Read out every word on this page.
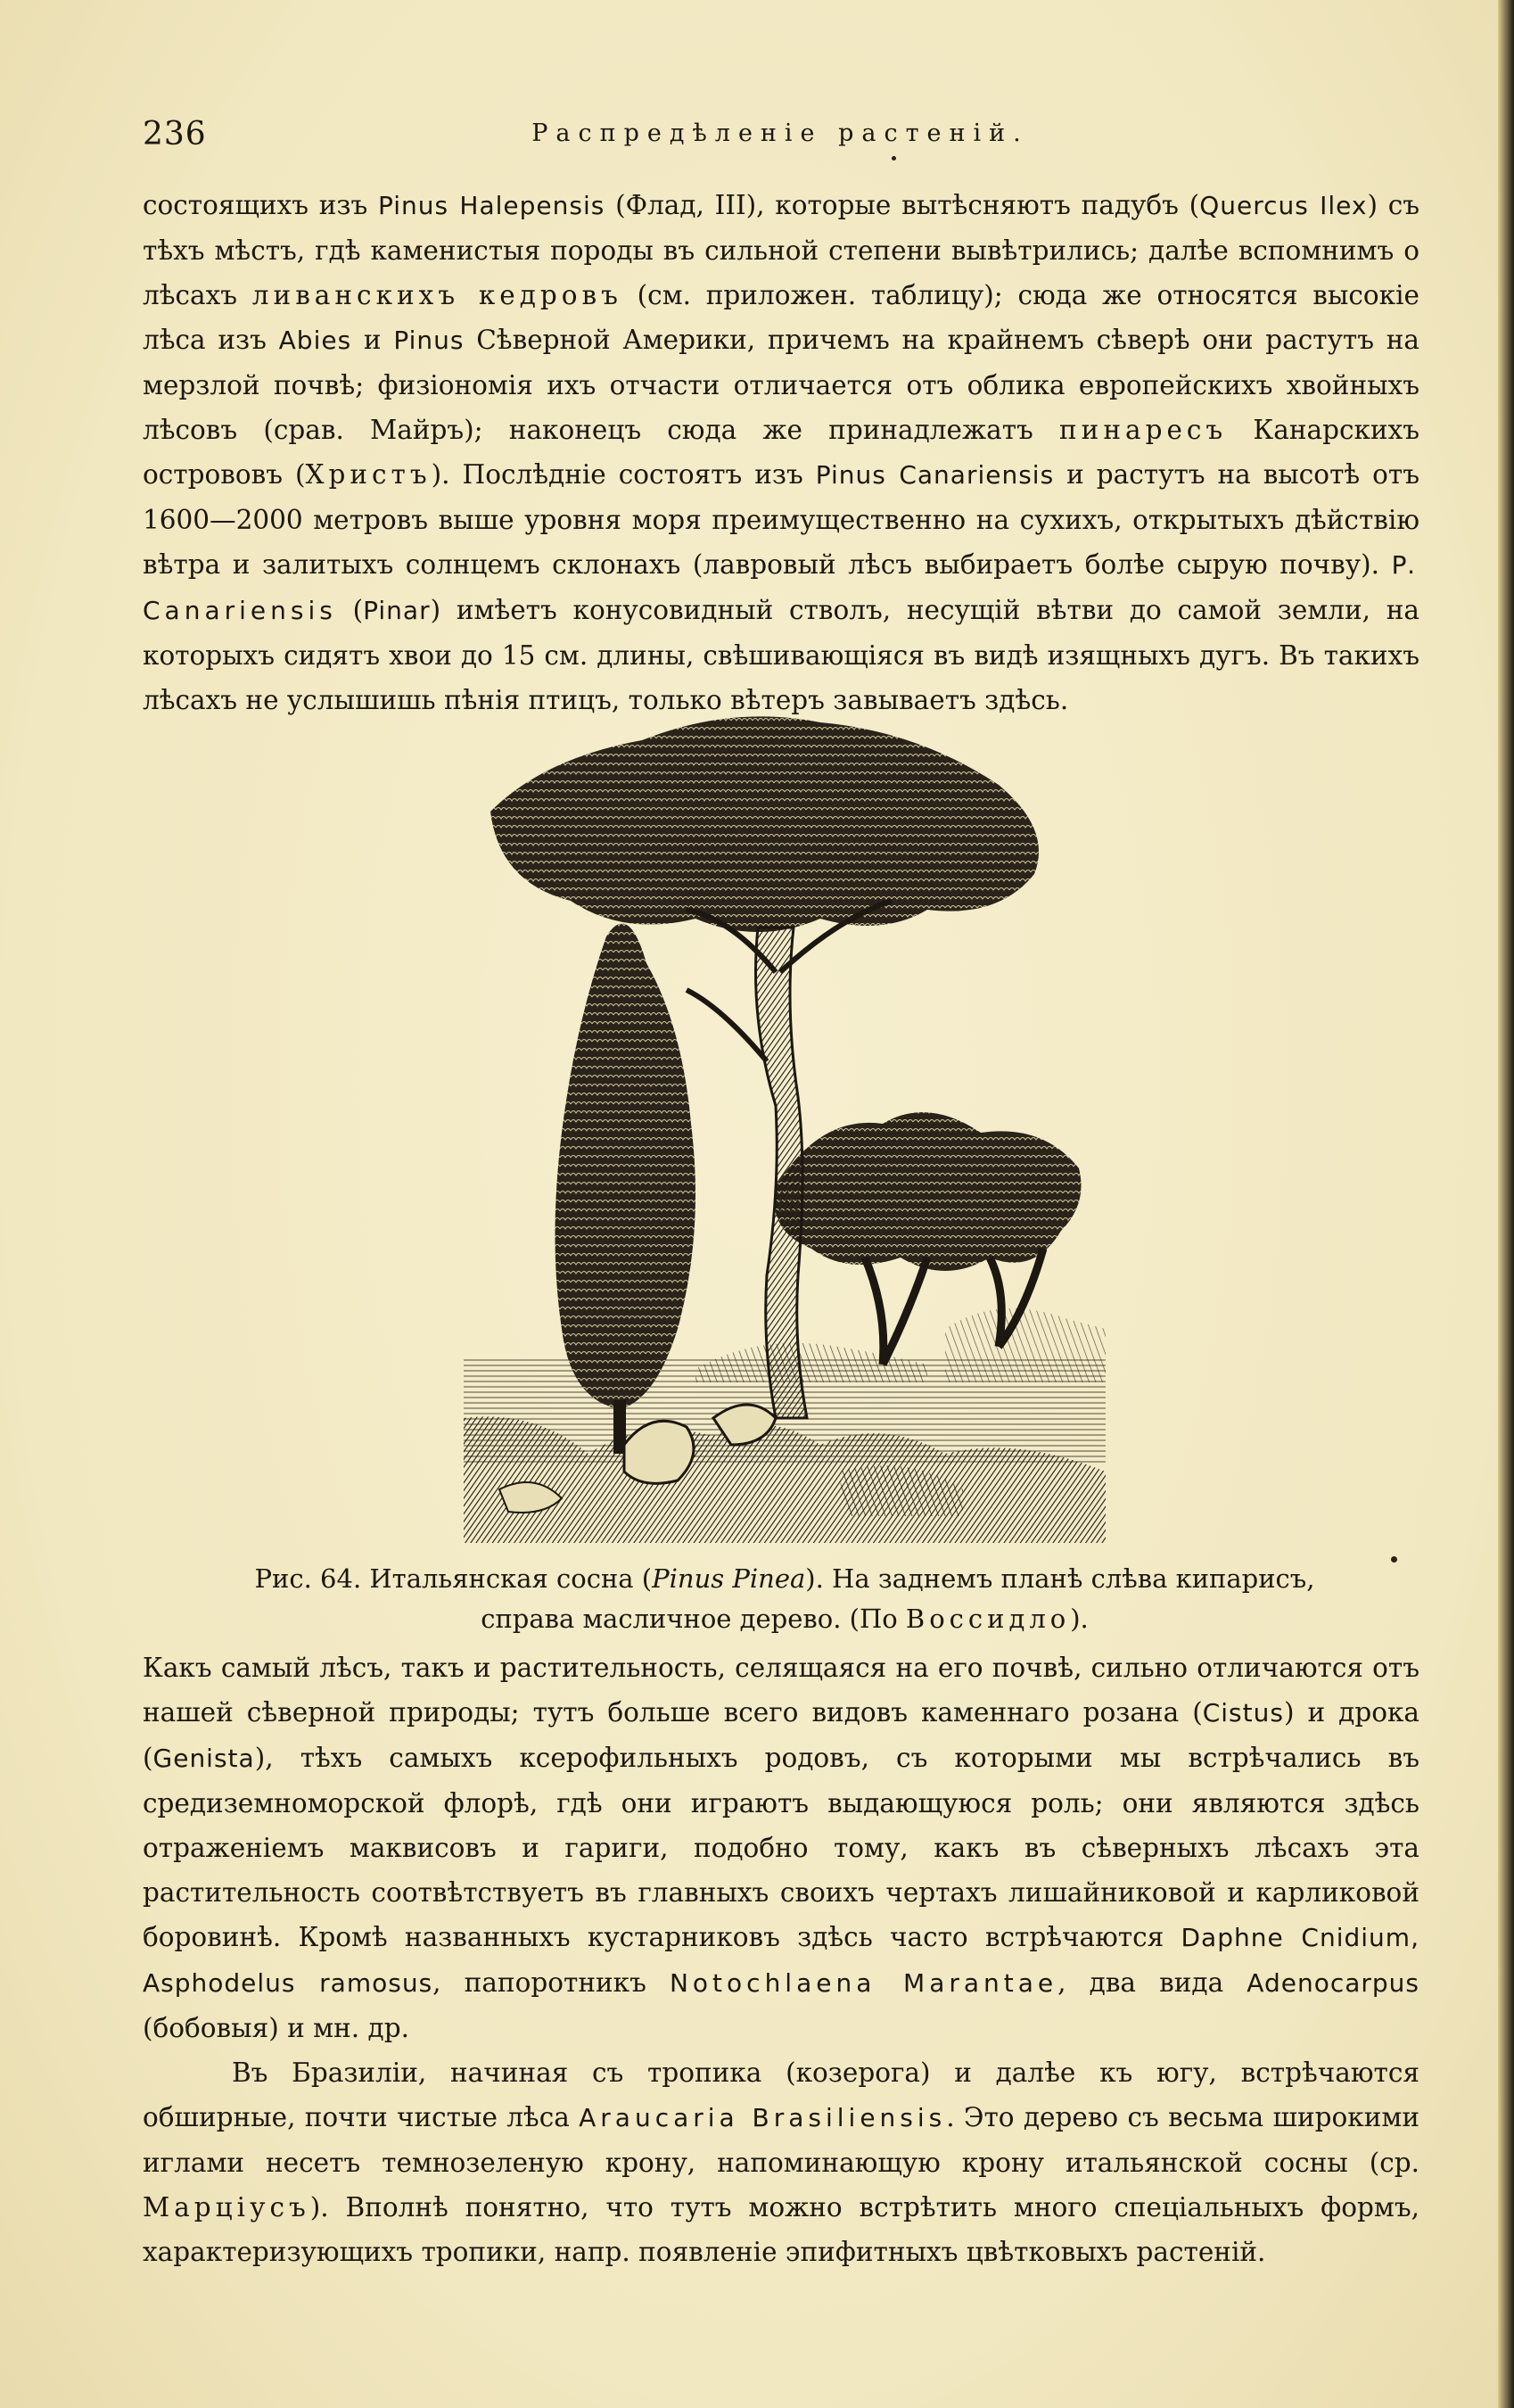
236	Распредѣленіе растеній.

состоящихъ изъ Pinus Halepensis (Флад, III), которые вытѣсняютъ падубъ (Quercus Ilex) съ тѣхъ мѣстъ, гдѣ каменистыя породы въ сильной степени вывѣтрились; далѣе вспомнимъ о лѣсахъ ливанскихъ кедровъ (см. приложен. таблицу); сюда же относятся высокіе лѣса изъ Abies и Pinus Сѣверной Америки, причемъ на крайнемъ сѣверѣ они растутъ на мерзлой почвѣ; физіономія ихъ отчасти отличается отъ облика европейскихъ хвойныхъ лѣсовъ (срав. Майръ); наконецъ сюда же принадлежатъ пинаресъ Канарскихъ острововъ (Христъ). Послѣдніе состоятъ изъ Pinus Canariensis и растутъ на высотѣ отъ 1600—2000 метровъ выше уровня моря преимущественно на сухихъ, открытыхъ дѣйствію вѣтра и залитыхъ солнцемъ склонахъ (лавровый лѣсъ выбираетъ болѣе сырую почву). P. Canariensis (Pinar) имѣетъ конусовидный стволъ, несущій вѣтви до самой земли, на которыхъ сидятъ хвои до 15 см. длины, свѣшивающіяся въ видѣ изящныхъ дугъ. Въ такихъ лѣсахъ не услышишь пѣнія птицъ, только вѣтеръ завываетъ здѣсь.

Рис. 64. Итальянская сосна (Pinus Pinea). На заднемъ планѣ слѣва кипарисъ, справа масличное дерево. (По Воссидло).

Какъ самый лѣсъ, такъ и растительность, селящаяся на его почвѣ, сильно отличаются отъ нашей сѣверной природы; тутъ больше всего видовъ каменнаго розана (Cistus) и дрока (Genista), тѣхъ самыхъ ксерофильныхъ родовъ, съ которыми мы встрѣчались въ средиземноморской флорѣ, гдѣ они играютъ выдающуюся роль; они являются здѣсь отраженіемъ маквисовъ и гариги, подобно тому, какъ въ сѣверныхъ лѣсахъ эта растительность соотвѣтствуетъ въ главныхъ своихъ чертахъ лишайниковой и карликовой боровинѣ. Кромѣ названныхъ кустарниковъ здѣсь часто встрѣчаются Daphne Cnidium, Asphodelus ramosus, папоротникъ Notochlaena Marantae, два вида Adenocarpus (бобовыя) и мн. др.

Въ Бразиліи, начиная съ тропика (козерога) и далѣе къ югу, встрѣчаются обширные, почти чистые лѣса Araucaria Brasiliensis. Это дерево съ весьма широкими иглами несетъ темнозеленую крону, напоминающую крону итальянской сосны (ср. Марціусъ). Вполнѣ понятно, что тутъ можно встрѣтить много спеціальныхъ формъ, характеризующихъ тропики, напр. появленіе эпифитныхъ цвѣтковыхъ растеній.
